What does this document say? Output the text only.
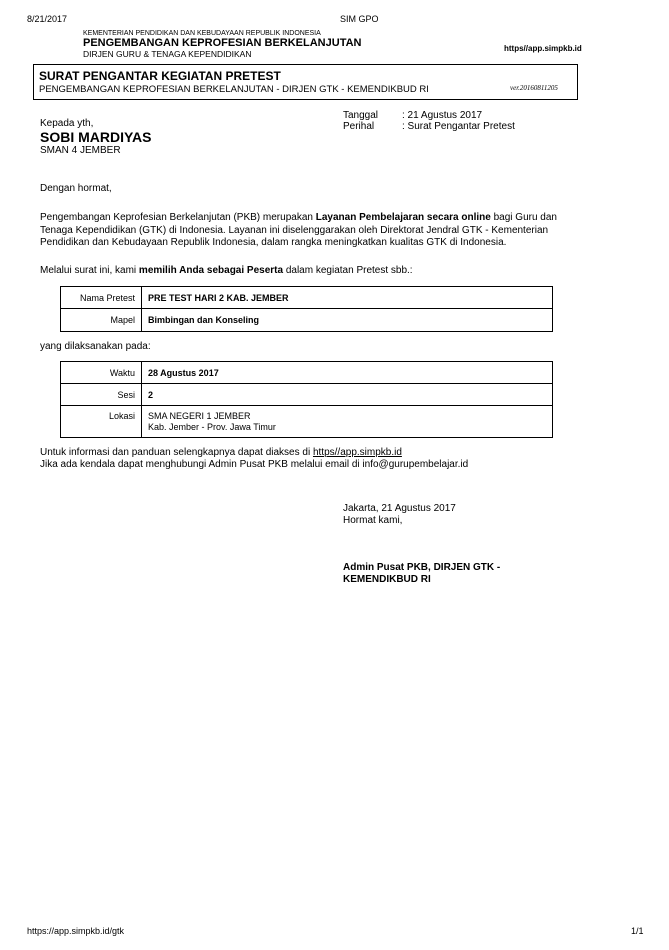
8/21/2017	SIM GPO
KEMENTERIAN PENDIDIKAN DAN KEBUDAYAAN REPUBLIK INDONESIA
PENGEMBANGAN KEPROFESIAN BERKELANJUTAN
DIRJEN GURU & TENAGA KEPENDIDIKAN
https//app.simpkb.id
SURAT PENGANTAR KEGIATAN PRETEST
PENGEMBANGAN KEPROFESIAN BERKELANJUTAN - DIRJEN GTK - KEMENDIKBUD RI	ver.20160811205
Tanggal : 21 Agustus 2017
Perihal	: Surat Pengantar Pretest
Kepada yth,
SOBI MARDIYAS
SMAN 4 JEMBER
Dengan hormat,
Pengembangan Keprofesian Berkelanjutan (PKB) merupakan Layanan Pembelajaran secara online bagi Guru dan Tenaga Kependidikan (GTK) di Indonesia. Layanan ini diselenggarakan oleh Direktorat Jendral GTK - Kementerian Pendidikan dan Kebudayaan Republik Indonesia, dalam rangka meningkatkan kualitas GTK di Indonesia.
Melalui surat ini, kami memilih Anda sebagai Peserta dalam kegiatan Pretest sbb.:
Nama Pretest	PRE TEST HARI 2 KAB. JEMBER
Mapel	Bimbingan dan Konseling
yang dilaksanakan pada:
Waktu	28 Agustus 2017
Sesi	2
Lokasi	SMA NEGERI 1 JEMBER
Kab. Jember - Prov. Jawa Timur
Untuk informasi dan panduan selengkapnya dapat diakses di https//app.simpkb.id
Jika ada kendala dapat menghubungi Admin Pusat PKB melalui email di info@gurupembelajar.id
Jakarta, 21 Agustus 2017
Hormat kami,
Admin Pusat PKB, DIRJEN GTK -
KEMENDIKBUD RI
https://app.simpkb.id/gtk	1/1
